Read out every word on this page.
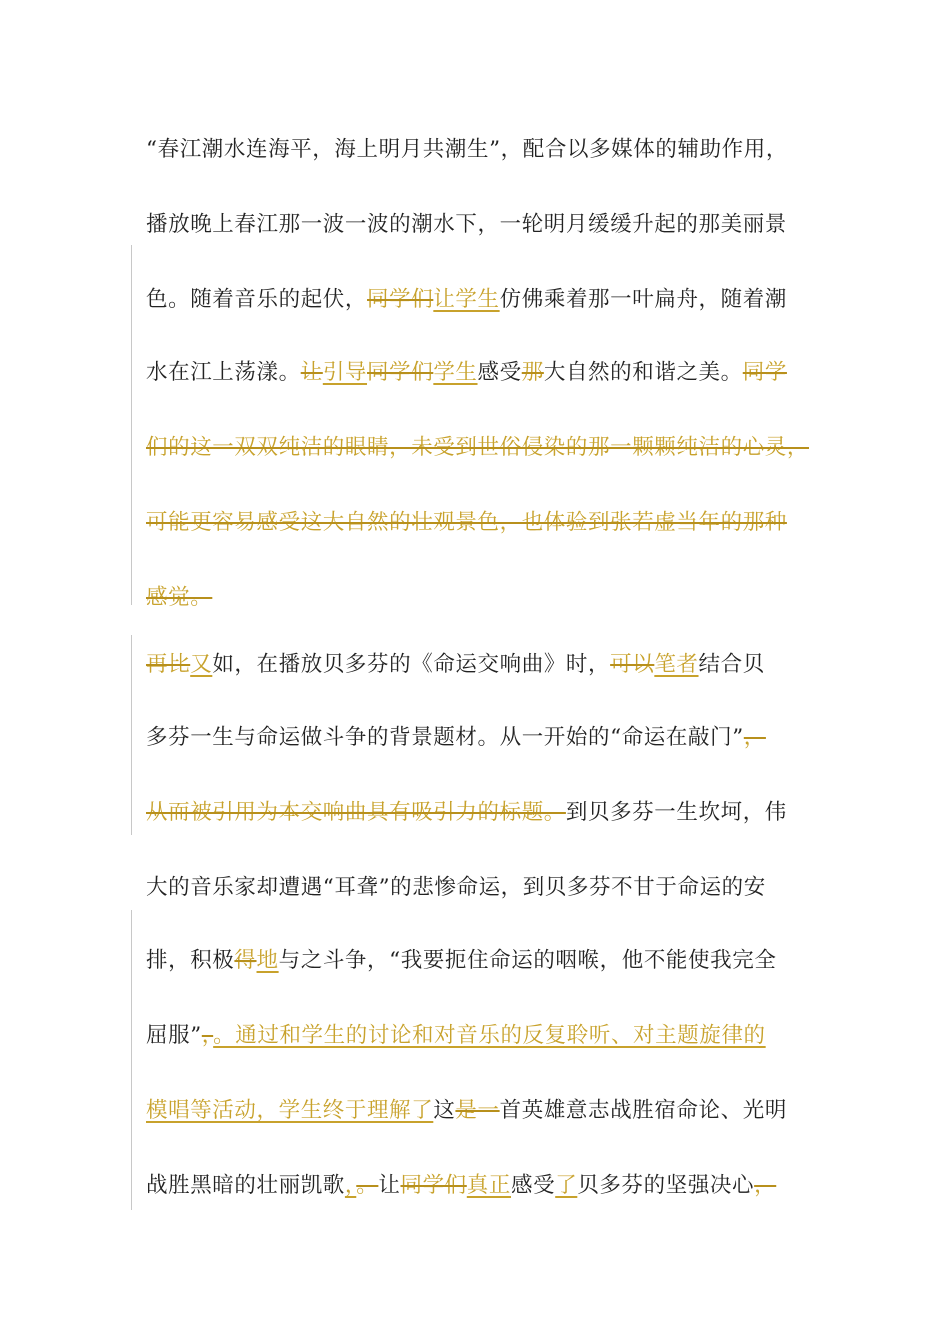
“春江潮水连海平，海上明月共潮生”，配合以多媒体的辅助作用，
播放晚上春江那一波一波的潮水下，一轮明月缓缓升起的那美丽景
色。随着音乐的起伏，同学们让学生仿佛乘着那一叶扁舟，随着潮
水在江上荡漾。让引导同学们学生感受那大自然的和谐之美。同学
们的这一双双纯洁的眼睛，未受到世俗侵染的那一颗颗纯洁的心灵，
可能更容易感受这大自然的壮观景色，也体验到张若虚当年的那种
感觉。
再比又如，在播放贝多芬的《命运交响曲》时，可以笔者结合贝
多芬一生与命运做斗争的背景题材。从一开始的“命运在敲门”，
从而被引用为本交响曲具有吸引力的标题。到贝多芬一生坎坷，伟
大的音乐家却遭遇“耳聋”的悲惨命运，到贝多芬不甘于命运的安
排，积极得地与之斗争，“我要扼住命运的咽喉，他不能使我完全
屈服”，。通过和学生的讨论和对音乐的反复聆听、对主题旋律的
模唱等活动，学生终于理解了这是一首英雄意志战胜宿命论、光明
战胜黑暗的壮丽凯歌，。让同学们真正感受了贝多芬的坚强决心，
